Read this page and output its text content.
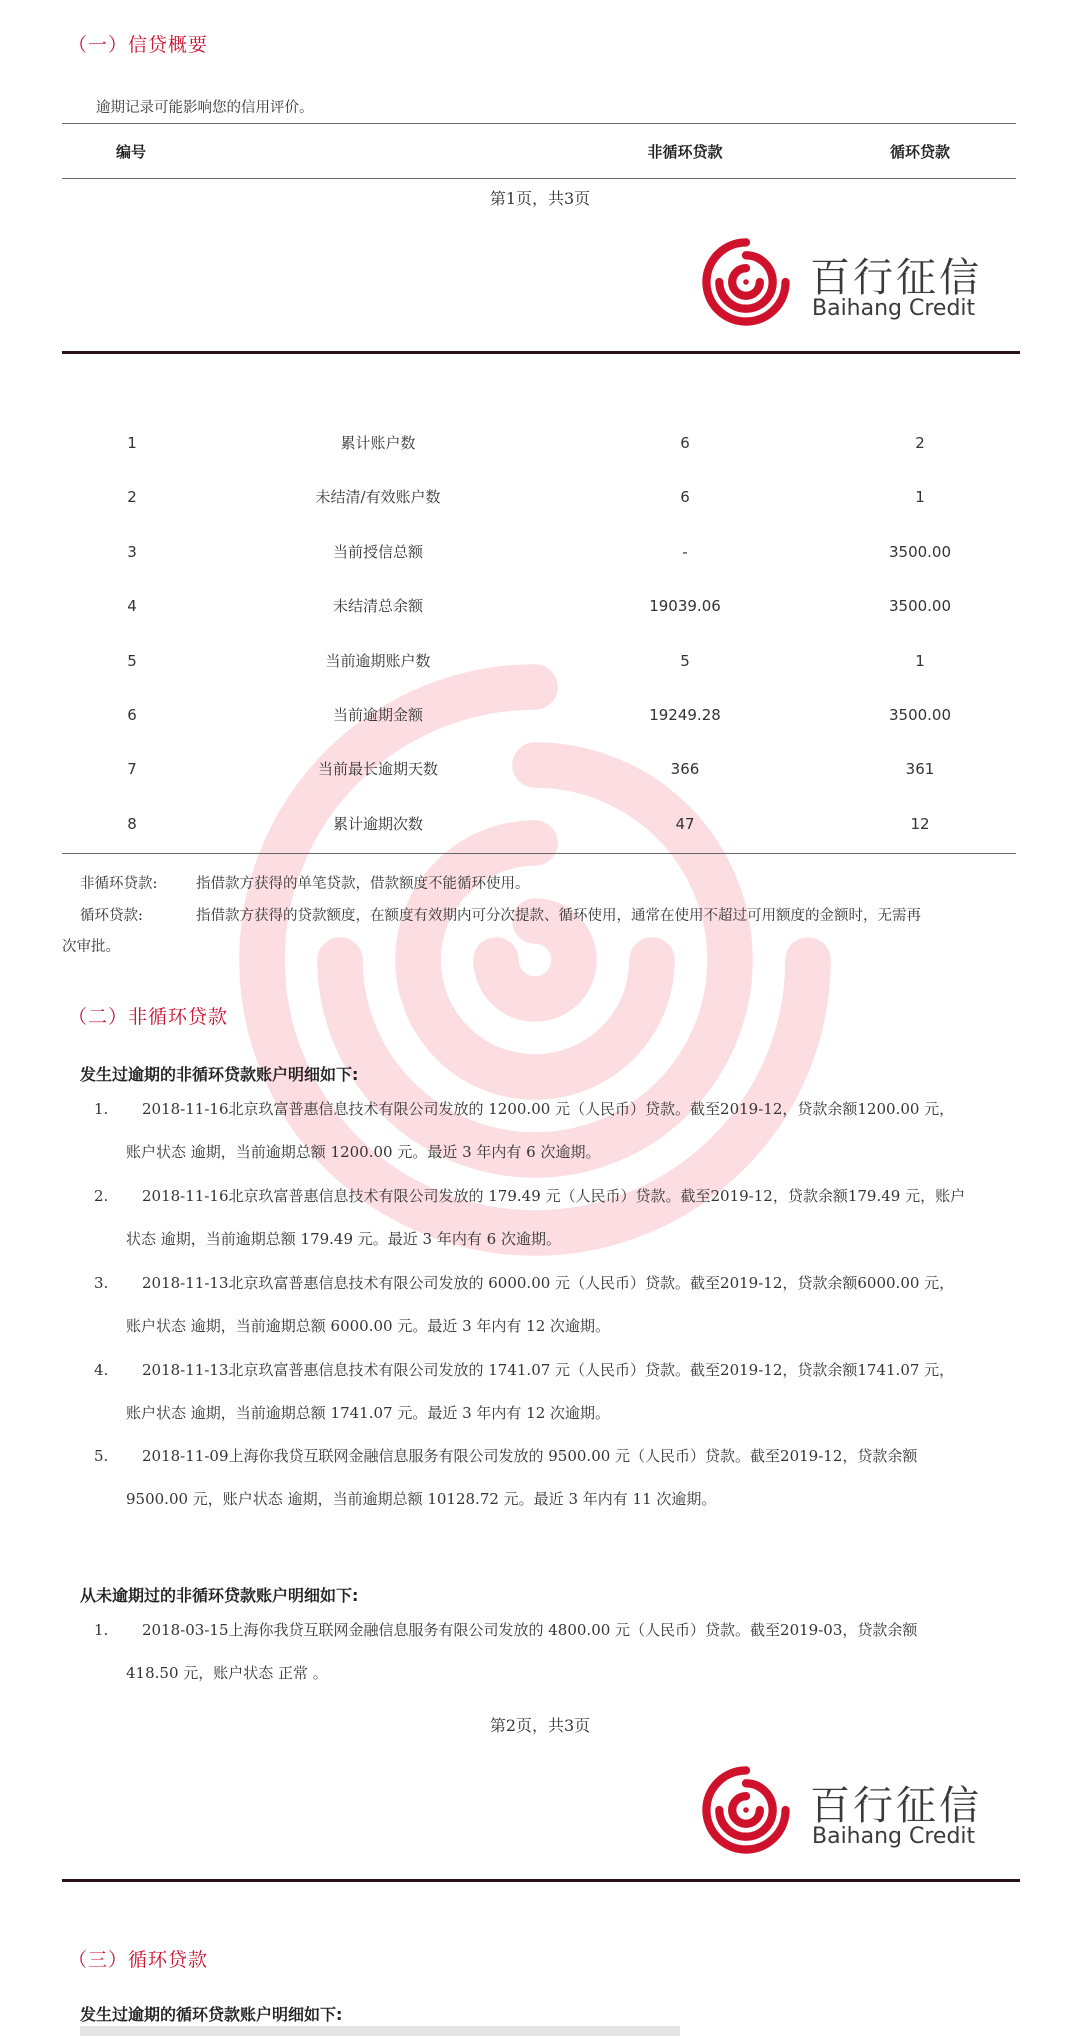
（一）信贷概要
逾期记录可能影响您的信用评价。
编号	非循环贷款	循环贷款
第1页，共3页
百行征信
Baihang Credit
1	累计账户数	6	2
2	未结清/有效账户数	6	1
3	当前授信总额	-	3500.00
4	未结清总余额	19039.06	3500.00
5	当前逾期账户数	5	1
6	当前逾期金额	19249.28	3500.00
7	当前最长逾期天数	366	361
8	累计逾期次数	47	12
非循环贷款:	指借款方获得的单笔贷款，借款额度不能循环使用。
循环贷款:	指借款方获得的贷款额度，在额度有效期内可分次提款、循环使用，通常在使用不超过可用额度的金额时，无需再
次审批。
（二）非循环贷款
发生过逾期的非循环贷款账户明细如下:
1.	2018-11-16北京玖富普惠信息技术有限公司发放的 1200.00 元（人民币）贷款。截至2019-12，贷款余额1200.00 元，
账户状态 逾期，当前逾期总额 1200.00 元。最近 3 年内有 6 次逾期。
2.	2018-11-16北京玖富普惠信息技术有限公司发放的 179.49 元（人民币）贷款。截至2019-12，贷款余额179.49 元，账户
状态 逾期，当前逾期总额 179.49 元。最近 3 年内有 6 次逾期。
3.	2018-11-13北京玖富普惠信息技术有限公司发放的 6000.00 元（人民币）贷款。截至2019-12，贷款余额6000.00 元，
账户状态 逾期，当前逾期总额 6000.00 元。最近 3 年内有 12 次逾期。
4.	2018-11-13北京玖富普惠信息技术有限公司发放的 1741.07 元（人民币）贷款。截至2019-12，贷款余额1741.07 元，
账户状态 逾期，当前逾期总额 1741.07 元。最近 3 年内有 12 次逾期。
5.	2018-11-09上海你我贷互联网金融信息服务有限公司发放的 9500.00 元（人民币）贷款。截至2019-12，贷款余额
9500.00 元，账户状态 逾期，当前逾期总额 10128.72 元。最近 3 年内有 11 次逾期。
从未逾期过的非循环贷款账户明细如下:
1.	2018-03-15上海你我贷互联网金融信息服务有限公司发放的 4800.00 元（人民币）贷款。截至2019-03，贷款余额
418.50 元，账户状态 正常 。
第2页，共3页
百行征信
Baihang Credit
（三）循环贷款
发生过逾期的循环贷款账户明细如下:
